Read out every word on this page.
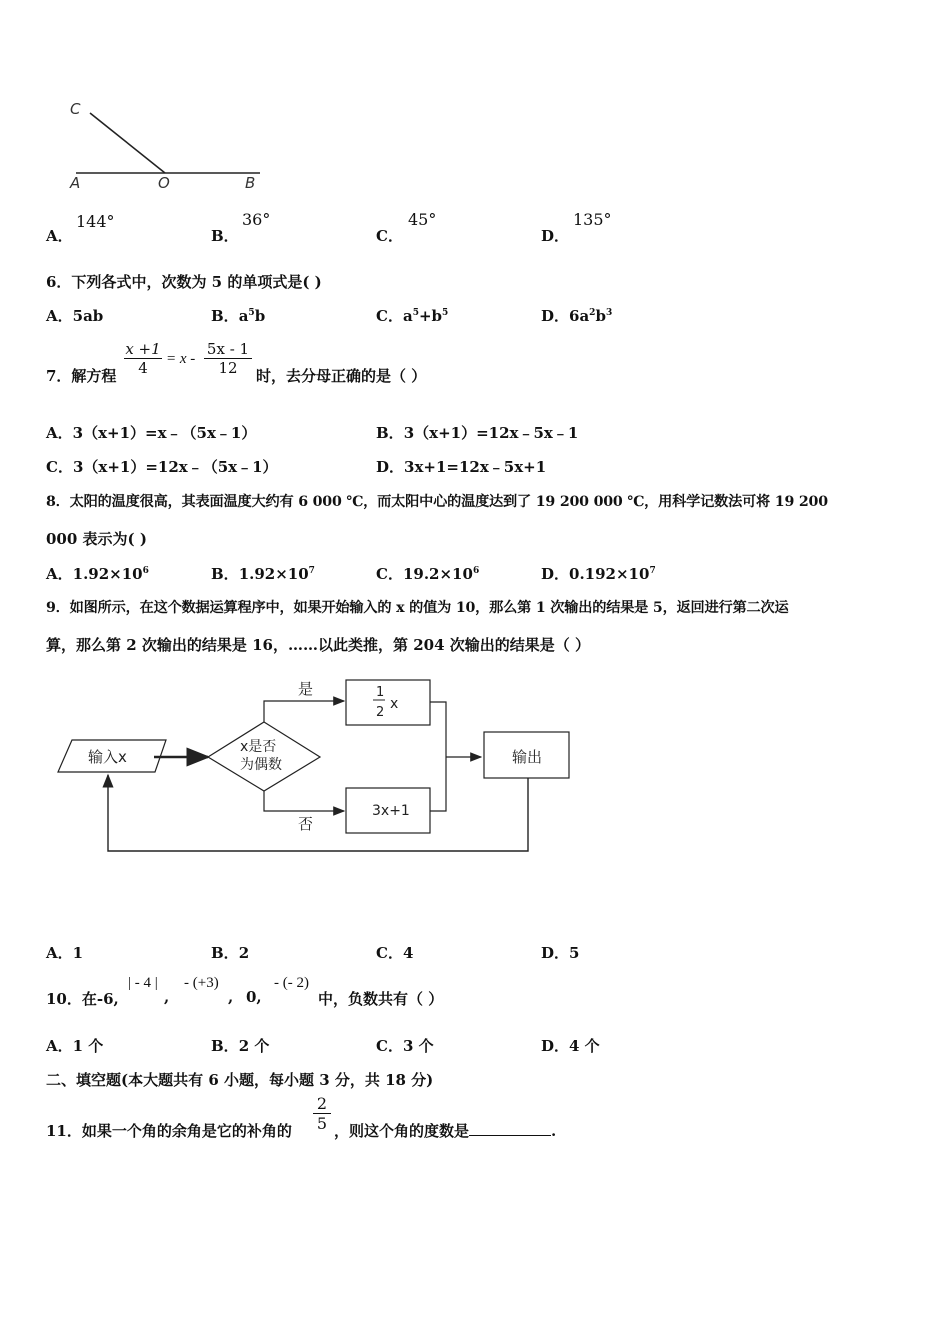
C
A	O	B
A．
144°
B．
36°
C．
45°
D．
135°
6．下列各式中，次数为 5 的单项式是( )
A．5ab	B．$a^5b$	C．$a^5+b^5$	D．$6a^2b^3$
7．解方程 $\frac{x +1}{4} = x - \frac{5x - 1}{12}$ 时，去分母正确的是（ ）
A．3（x+1）=x﹣（5x﹣1）	B．3（x+1）=12x﹣5x﹣1
C．3（x+1）=12x﹣（5x﹣1）	D．3x+1=12x﹣5x+1
8．太阳的温度很高，其表面温度大约有 6 000 ℃，而太阳中心的温度达到了 19 200 000 ℃，用科学记数法可将 19 200
000 表示为( )
A．$1.92\times 10^6$	B．$1.92\times 10^7$	C．$19.2\times 10^6$	D．$0.192\times 10^7$
9．如图所示，在这个数据运算程序中，如果开始输入的 x 的值为 10，那么第 1 次输出的结果是 5，返回进行第二次运
算，那么第 2 次输出的结果是 16，……以此类推，第 204 次输出的结果是（ ）
输入x
x是否
为偶数
是	1
2
x
否
3x+1
输出
A．1	B．2	C．4	D．5
10．在-6,
| - 4 |
,
- (+3)
, 0,
- (- 2)
中，负数共有（ ）
A．1 个	B．2 个	C．3 个	D．4 个
二、填空题(本大题共有 6 小题，每小题 3 分，共 18 分)
11．如果一个角的余角是它的补角的 $\frac{2}{5}$ ，则这个角的度数是	.
